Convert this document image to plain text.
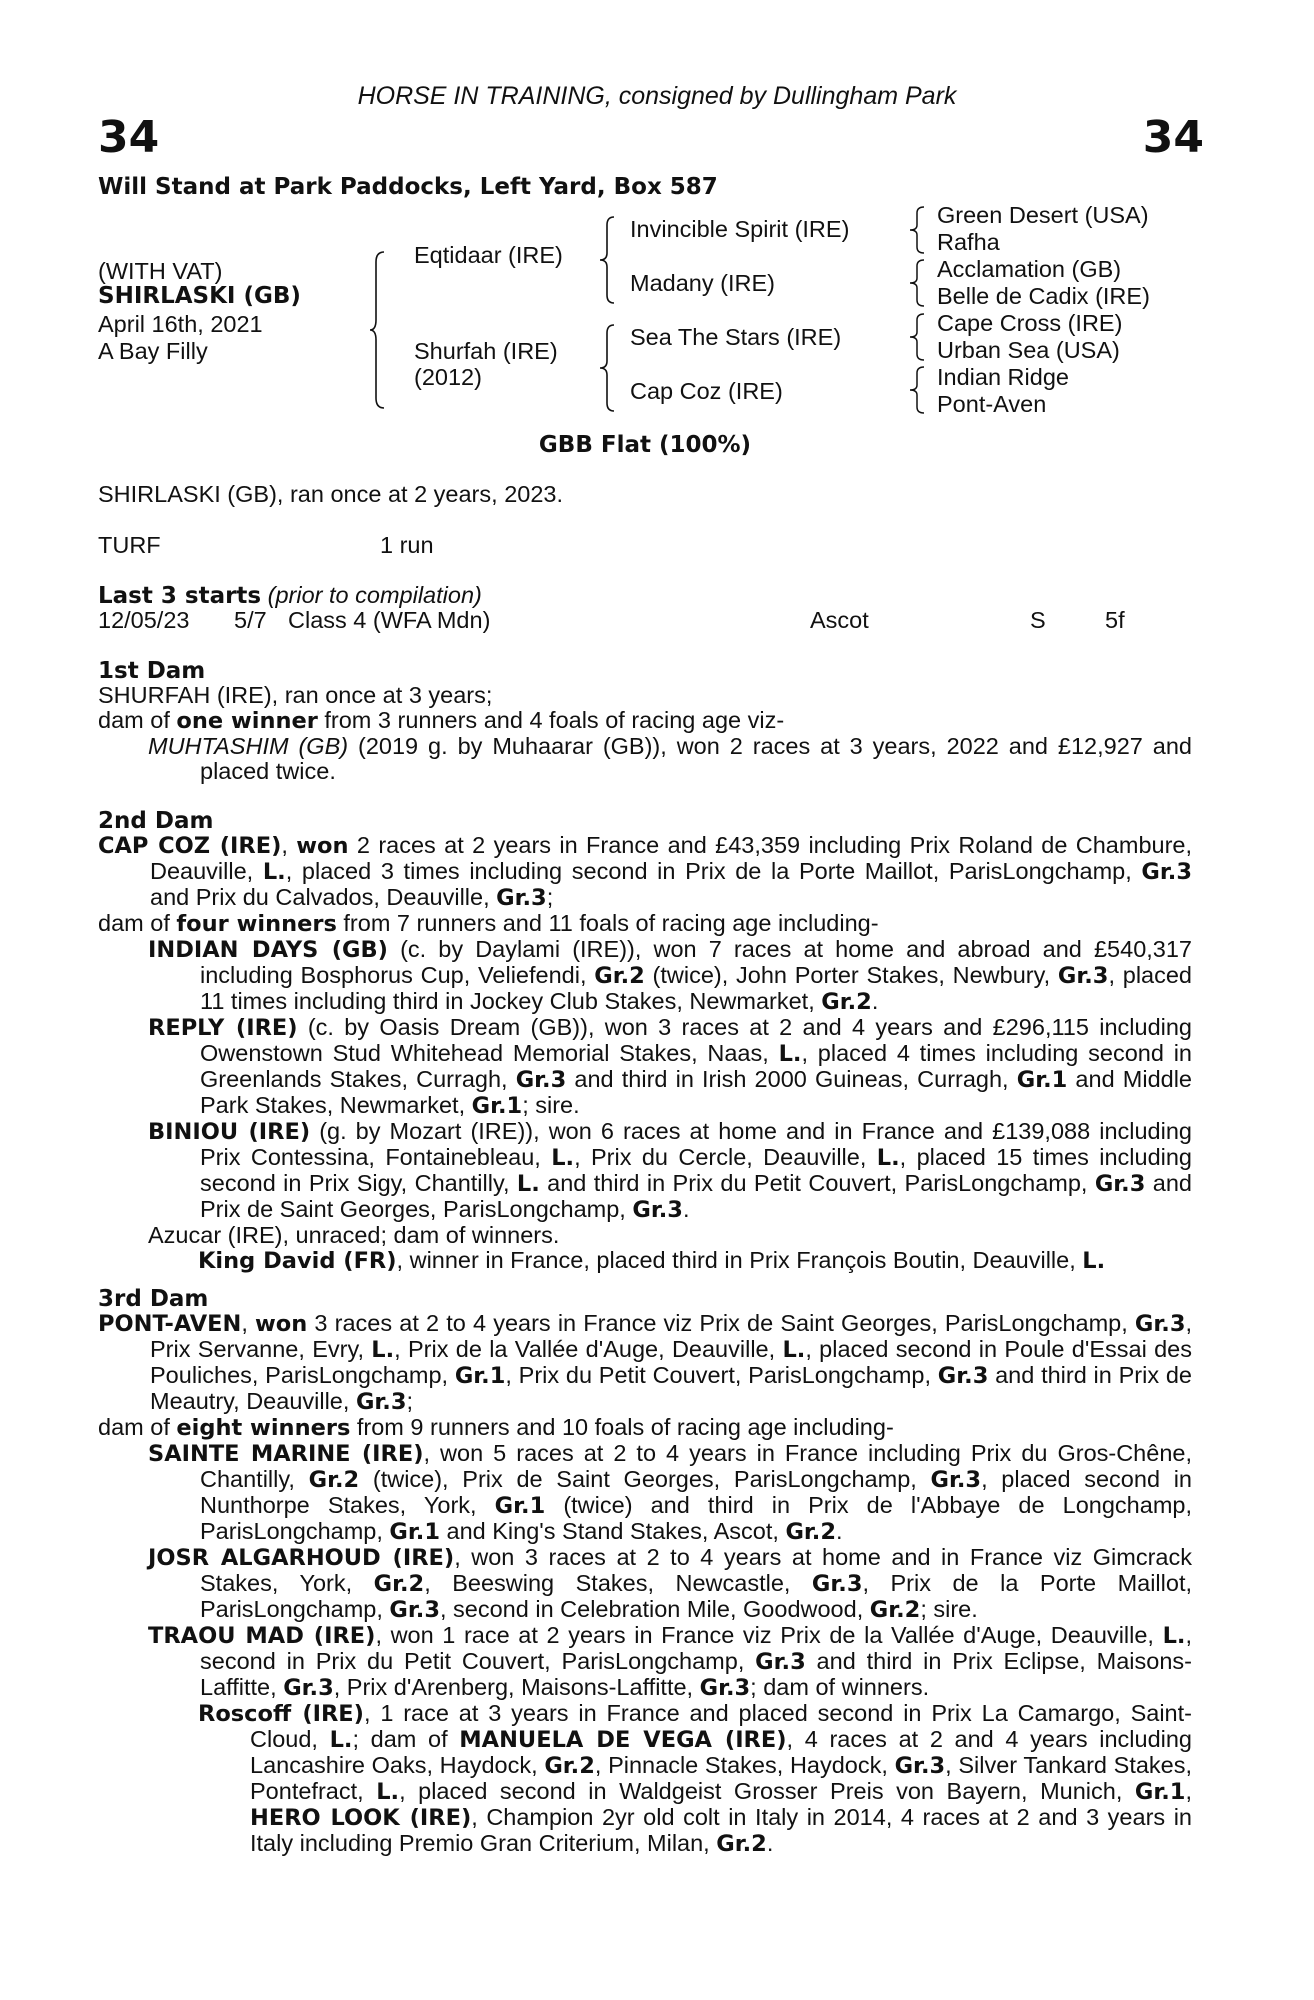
HORSE IN TRAINING, consigned by Dullingham Park
34	34
Will Stand at Park Paddocks, Left Yard, Box 587
(WITH VAT)
SHIRLASKI (GB)
April 16th, 2021
A Bay Filly
Eqtidaar (IRE)
Shurfah (IRE)
(2012)
Invincible Spirit (IRE)
Madany (IRE)
Sea The Stars (IRE)
Cap Coz (IRE)
Green Desert (USA)
Rafha
Acclamation (GB)
Belle de Cadix (IRE)
Cape Cross (IRE)
Urban Sea (USA)
Indian Ridge
Pont-Aven
GBB Flat (100%)
SHIRLASKI (GB), ran once at 2 years, 2023.
TURF	1 run
Last 3 starts (prior to compilation)
12/05/23 5/7 Class 4 (WFA Mdn)	Ascot	S	5f
1st Dam

SHURFAH (IRE), ran once at 3 years;

dam of one winner from 3 runners and 4 foals of racing age viz-

MUHTASHIM (GB) (2019 g. by Muhaarar (GB)), won 2 races at 3 years, 2022 and £12,927 and placed twice.

2nd Dam

CAP COZ (IRE), won 2 races at 2 years in France and £43,359 including Prix Roland de Chambure, Deauville, L., placed 3 times including second in Prix de la Porte Maillot, ParisLongchamp, Gr.3 and Prix du Calvados, Deauville, Gr.3;

dam of four winners from 7 runners and 11 foals of racing age including-

INDIAN DAYS (GB) (c. by Daylami (IRE)), won 7 races at home and abroad and £540,317 including Bosphorus Cup, Veliefendi, Gr.2 (twice), John Porter Stakes, Newbury, Gr.3, placed 11 times including third in Jockey Club Stakes, Newmarket, Gr.2.

REPLY (IRE) (c. by Oasis Dream (GB)), won 3 races at 2 and 4 years and £296,115 including Owenstown Stud Whitehead Memorial Stakes, Naas, L., placed 4 times including second in Greenlands Stakes, Curragh, Gr.3 and third in Irish 2000 Guineas, Curragh, Gr.1 and Middle Park Stakes, Newmarket, Gr.1; sire.

BINIOU (IRE) (g. by Mozart (IRE)), won 6 races at home and in France and £139,088 including Prix Contessina, Fontainebleau, L., Prix du Cercle, Deauville, L., placed 15 times including second in Prix Sigy, Chantilly, L. and third in Prix du Petit Couvert, ParisLongchamp, Gr.3 and Prix de Saint Georges, ParisLongchamp, Gr.3.

Azucar (IRE), unraced; dam of winners.

King David (FR), winner in France, placed third in Prix François Boutin, Deauville, L.

3rd Dam

PONT-AVEN, won 3 races at 2 to 4 years in France viz Prix de Saint Georges, ParisLongchamp, Gr.3, Prix Servanne, Evry, L., Prix de la Vallée d'Auge, Deauville, L., placed second in Poule d'Essai des Pouliches, ParisLongchamp, Gr.1, Prix du Petit Couvert, ParisLongchamp, Gr.3 and third in Prix de Meautry, Deauville, Gr.3;

dam of eight winners from 9 runners and 10 foals of racing age including-

SAINTE MARINE (IRE), won 5 races at 2 to 4 years in France including Prix du Gros-Chêne, Chantilly, Gr.2 (twice), Prix de Saint Georges, ParisLongchamp, Gr.3, placed second in Nunthorpe Stakes, York, Gr.1 (twice) and third in Prix de l'Abbaye de Longchamp, ParisLongchamp, Gr.1 and King's Stand Stakes, Ascot, Gr.2.

JOSR ALGARHOUD (IRE), won 3 races at 2 to 4 years at home and in France viz Gimcrack Stakes, York, Gr.2, Beeswing Stakes, Newcastle, Gr.3, Prix de la Porte Maillot, ParisLongchamp, Gr.3, second in Celebration Mile, Goodwood, Gr.2; sire.

TRAOU MAD (IRE), won 1 race at 2 years in France viz Prix de la Vallée d'Auge, Deauville, L., second in Prix du Petit Couvert, ParisLongchamp, Gr.3 and third in Prix Eclipse, Maisons-Laffitte, Gr.3, Prix d'Arenberg, Maisons-Laffitte, Gr.3; dam of winners.

Roscoff (IRE), 1 race at 3 years in France and placed second in Prix La Camargo, Saint-Cloud, L.; dam of MANUELA DE VEGA (IRE), 4 races at 2 and 4 years including Lancashire Oaks, Haydock, Gr.2, Pinnacle Stakes, Haydock, Gr.3, Silver Tankard Stakes, Pontefract, L., placed second in Waldgeist Grosser Preis von Bayern, Munich, Gr.1, HERO LOOK (IRE), Champion 2yr old colt in Italy in 2014, 4 races at 2 and 3 years in Italy including Premio Gran Criterium, Milan, Gr.2.
